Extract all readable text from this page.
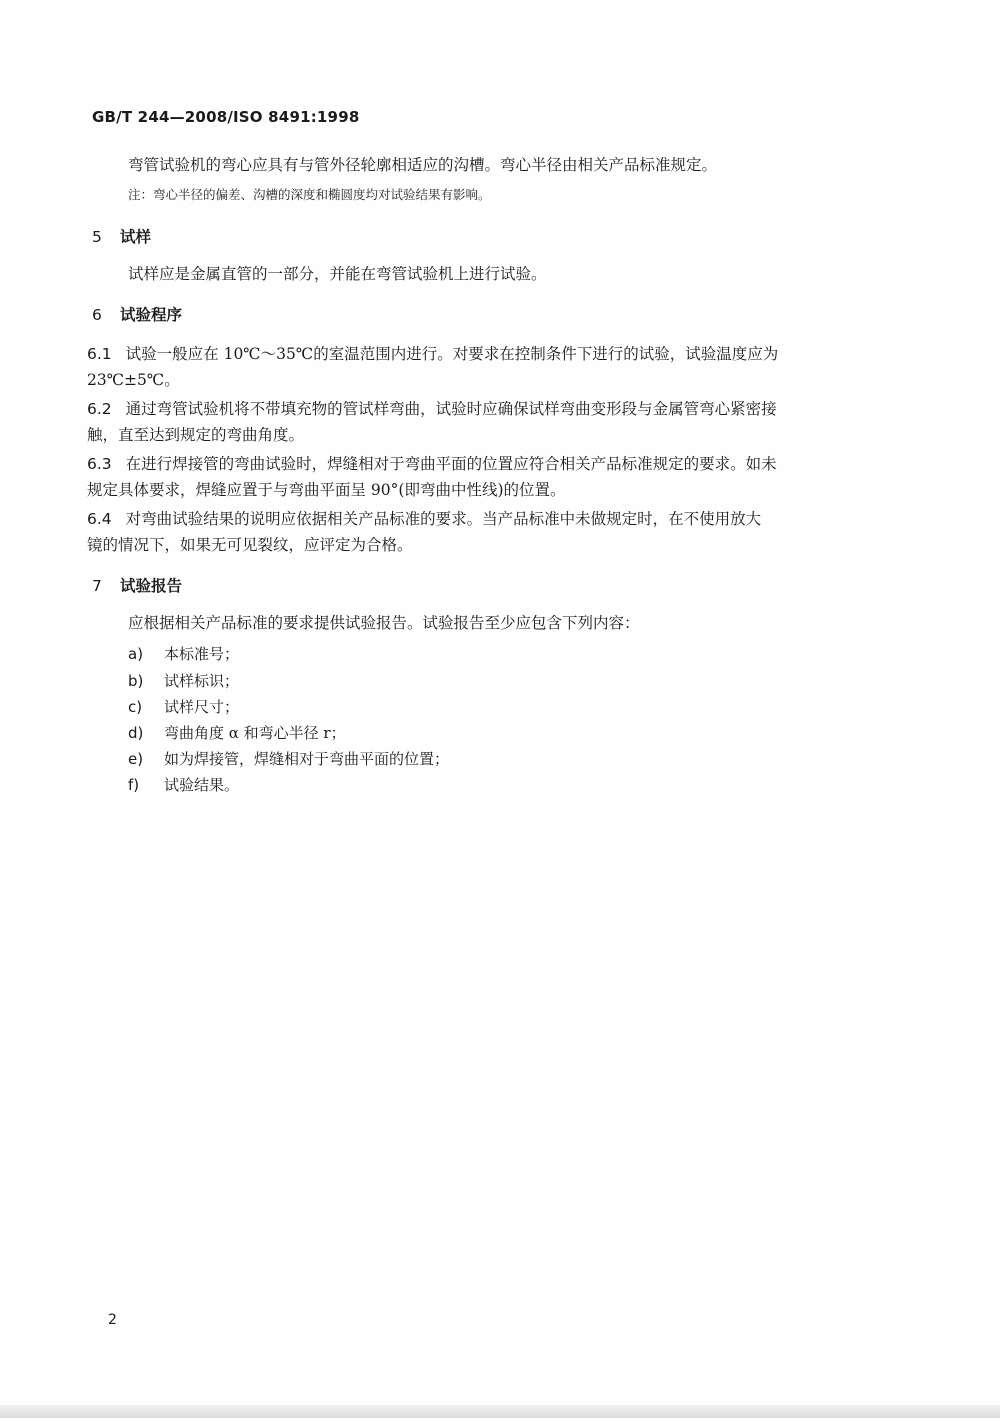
GB/T 244—2008/ISO 8491:1998
弯管试验机的弯心应具有与管外径轮廓相适应的沟槽。弯心半径由相关产品标准规定。
注：弯心半径的偏差、沟槽的深度和椭圆度均对试验结果有影响。
5 试样
试样应是金属直管的一部分，并能在弯管试验机上进行试验。
6 试验程序
6.1 试验一般应在 10℃～35℃的室温范围内进行。对要求在控制条件下进行的试验，试验温度应为
23℃±5℃。
6.2 通过弯管试验机将不带填充物的管试样弯曲，试验时应确保试样弯曲变形段与金属管弯心紧密接
触，直至达到规定的弯曲角度。
6.3 在进行焊接管的弯曲试验时，焊缝相对于弯曲平面的位置应符合相关产品标准规定的要求。如未
规定具体要求，焊缝应置于与弯曲平面呈 90°(即弯曲中性线)的位置。
6.4 对弯曲试验结果的说明应依据相关产品标准的要求。当产品标准中未做规定时，在不使用放大
镜的情况下，如果无可见裂纹，应评定为合格。
7 试验报告
应根据相关产品标准的要求提供试验报告。试验报告至少应包含下列内容：
a) 本标准号；
b) 试样标识；
c) 试样尺寸；
d) 弯曲角度 α 和弯心半径 r；
e) 如为焊接管，焊缝相对于弯曲平面的位置；
f) 试验结果。
2
